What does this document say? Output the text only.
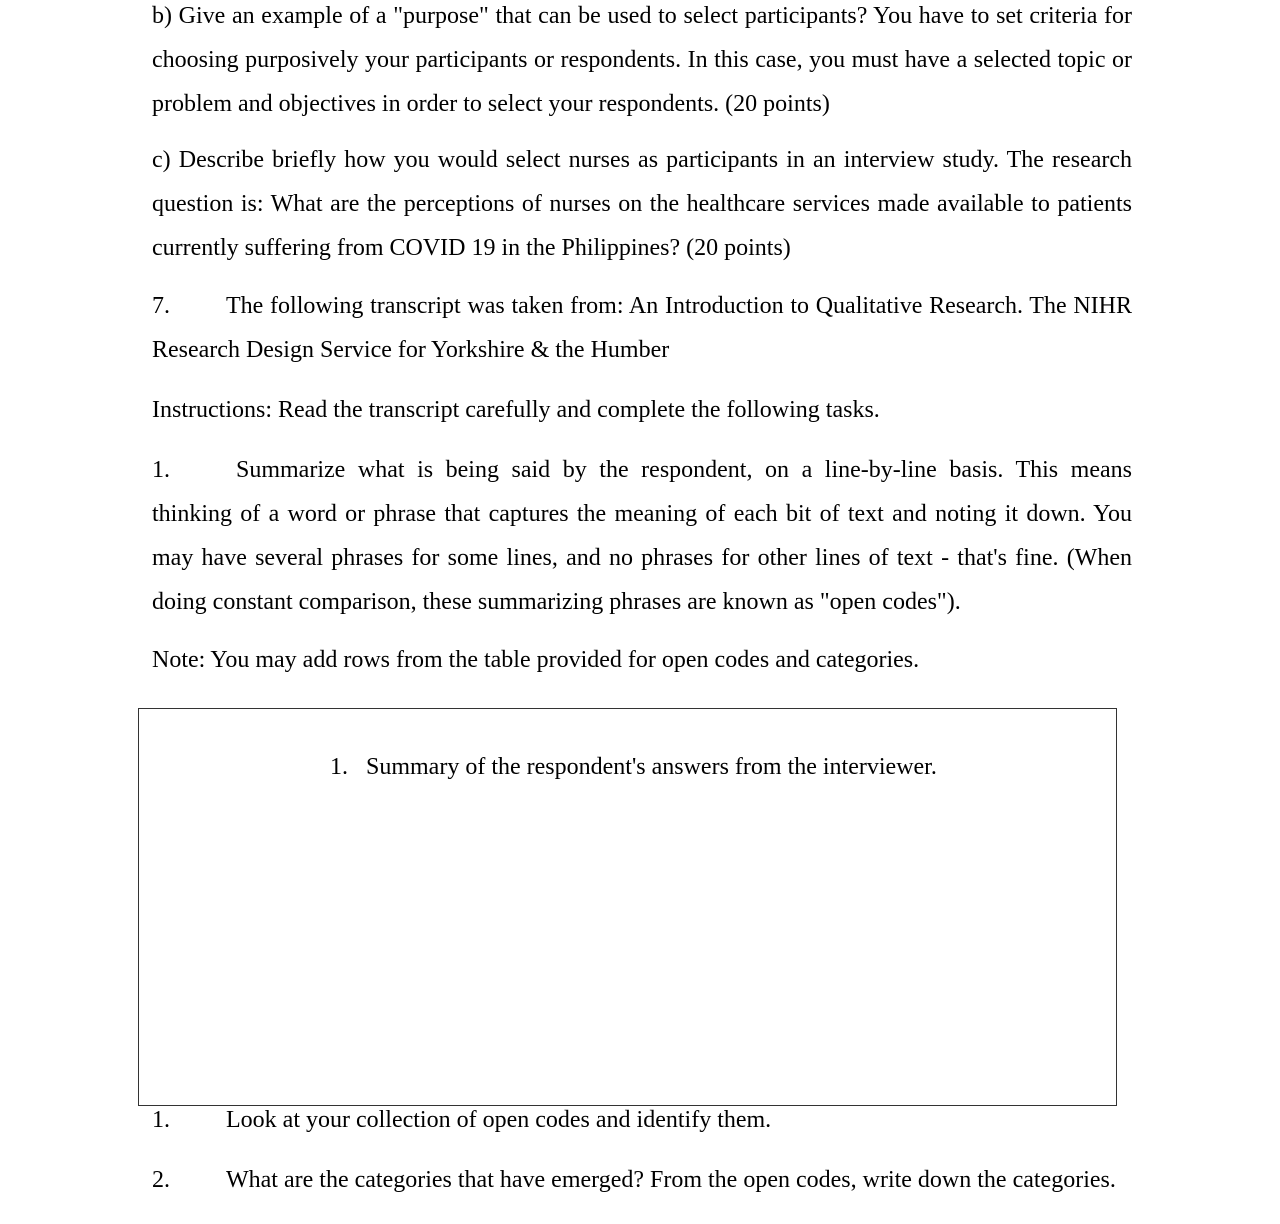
b) Give an example of a "purpose" that can be used to select participants? You have to set criteria for choosing purposively your participants or respondents. In this case, you must have a selected topic or problem and objectives in order to select your respondents. (20 points)

c) Describe briefly how you would select nurses as participants in an interview study. The research question is: What are the perceptions of nurses on the healthcare services made available to patients currently suffering from COVID 19 in the Philippines? (20 points)

7. The following transcript was taken from: An Introduction to Qualitative Research. The NIHR Research Design Service for Yorkshire & the Humber

Instructions: Read the transcript carefully and complete the following tasks.

1.	Summarize what is being said by the respondent, on a line-by-line basis. This means thinking of a word or phrase that captures the meaning of each bit of text and noting it down. You may have several phrases for some lines, and no phrases for other lines of text - that's fine. (When doing constant comparison, these summarizing phrases are known as "open codes").

Note: You may add rows from the table provided for open codes and categories.

1. Summary of the respondent's answers from the interviewer.

1. Look at your collection of open codes and identify them.

2. What are the categories that have emerged? From the open codes, write down the categories.
